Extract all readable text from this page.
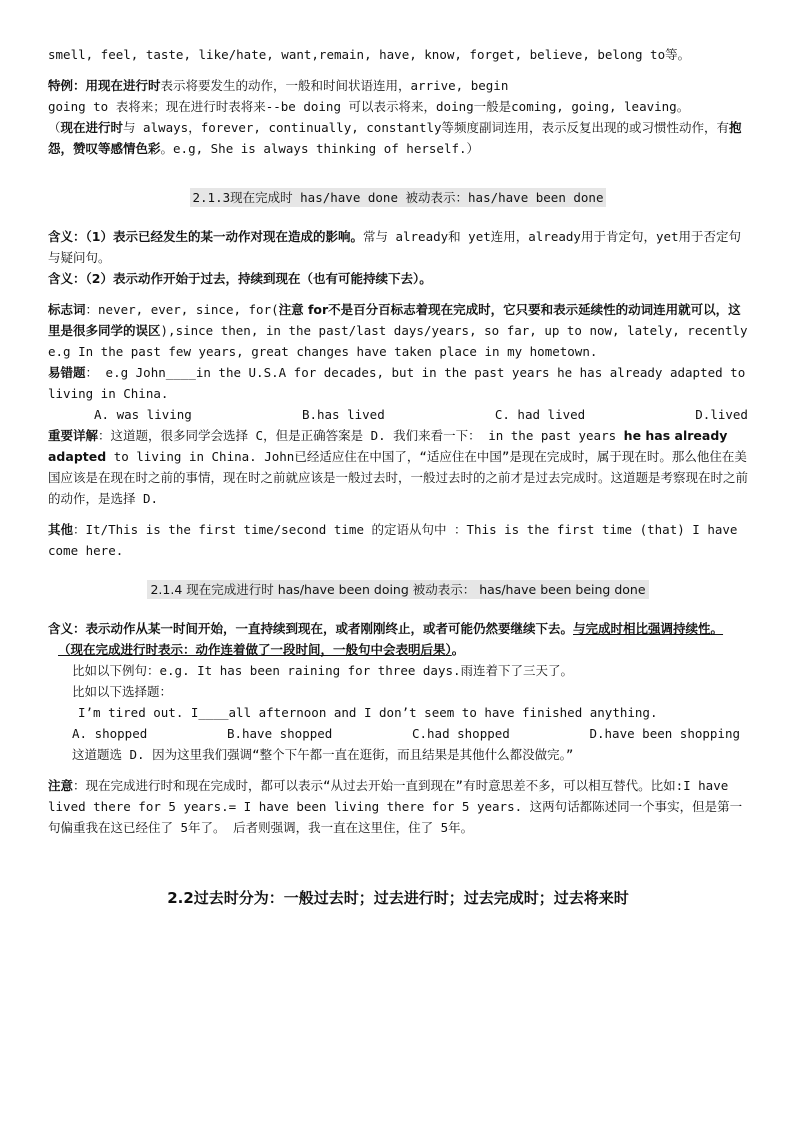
smell, feel, taste, like/hate, want,remain, have, know, forget, believe, belong to等。

特例：用现在进行时表示将要发生的动作，一般和时间状语连用，arrive, begin

going to 表将来；现在进行时表将来--be doing 可以表示将来，doing一般是coming, going, leaving。

（现在进行时与 always，forever, continually, constantly等频度副词连用，表示反复出现的或习惯性动作，有抱怨，赞叹等感情色彩。e.g, She is always thinking of herself.）

2.1.3现在完成时 has/have done 被动表示：has/have been done

含义：（1）表示已经发生的某一动作对现在造成的影响。常与 already和 yet连用，already用于肯定句，yet用于否定句与疑问句。

含义：（2）表示动作开始于过去，持续到现在（也有可能持续下去）。

标志词：never, ever, since, for(注意 for不是百分百标志着现在完成时，它只要和表示延续性的动词连用就可以，这里是很多同学的误区),since then, in the past/last days/years, so far, up to now, lately, recently

e.g In the past few years, great changes have taken place in my hometown.

易错题： e.g John____in the U.S.A for decades, but in the past years he has already adapted to living in China.

A. was living	B.has lived	C. had lived	D.lived

重要详解：这道题，很多同学会选择 C，但是正确答案是 D. 我们来看一下： in the past years he has already adapted to living in China. John已经适应住在中国了，“适应住在中国”是现在完成时，属于现在时。那么他住在美国应该是在现在时之前的事情，现在时之前就应该是一般过去时，一般过去时的之前才是过去完成时。这道题是考察现在时之前的动作，是选择 D.

其他：It/This is the first time/second time 的定语从句中 ：This is the first time (that) I have come here.

2.1.4 现在完成进行时 has/have been doing 被动表示： has/have been being done

含义：表示动作从某一时间开始，一直持续到现在，或者刚刚终止，或者可能仍然要继续下去。与完成时相比强调持续性。

（现在完成进行时表示：动作连着做了一段时间，一般句中会表明后果）。

比如以下例句：e.g. It has been raining for three days.雨连着下了三天了。

比如以下选择题：

I’m tired out. I____all afternoon and I don’t seem to have finished anything.

A. shopped	B.have shopped	C.had shopped	D.have been shopping

这道题选 D. 因为这里我们强调“整个下午都一直在逛街，而且结果是其他什么都没做完。”

注意：现在完成进行时和现在完成时，都可以表示“从过去开始一直到现在”有时意思差不多，可以相互替代。比如:I have lived there for 5 years.= I have been living there for 5 years. 这两句话都陈述同一个事实，但是第一句偏重我在这已经住了 5年了。 后者则强调，我一直在这里住，住了 5年。

2.2过去时分为：一般过去时；过去进行时；过去完成时；过去将来时
